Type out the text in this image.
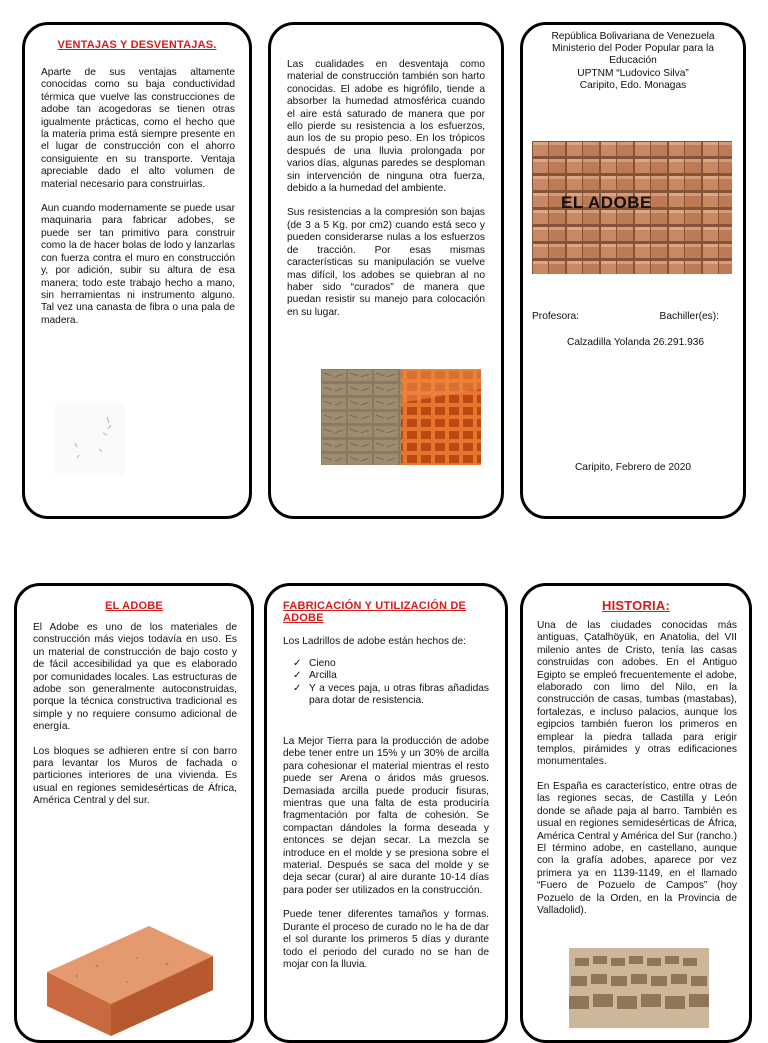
VENTAJAS Y DESVENTAJAS.

Aparte de sus ventajas altamente conocidas como su baja conductividad térmica que vuelve las construcciones de adobe tan acogedoras se tienen otras igualmente prácticas, como el hecho que la materia prima está siempre presente en el lugar de construcción con el ahorro consiguiente en su transporte. Ventaja apreciable dado el alto volumen de material necesario para construirlas.

Aun cuando modernamente se puede usar maquinaria para fabricar adobes, se puede ser tan primitivo para construir como la de hacer bolas de lodo y lanzarlas con fuerza contra el muro en construcción y, por adición, subir su altura de esa manera; todo este trabajo hecho a mano, sin herramientas ni instrumento alguno. Tal vez una canasta de fibra o una pala de madera.

Las cualidades en desventaja como material de construcción también son harto conocidas. El adobe es higrófilo, tiende a absorber la humedad atmosférica cuando el aire está saturado de manera que por ello pierde su resistencia a los esfuerzos, aun los de su propio peso. En los trópicos después de una lluvia prolongada por varios días, algunas paredes se desploman sin intervención de ninguna otra fuerza, debido a la humedad del ambiente.

Sus resistencias a la compresión son bajas (de 3 a 5 Kg. por cm2) cuando está seco y pueden considerarse nulas a los esfuerzos de tracción. Por esas mismas características su manipulación se vuelve mas difícil, los adobes se quiebran al no haber sido “curados” de manera que puedan resistir su manejo para colocación en su lugar.

República Bolivariana de Venezuela
Ministerio del Poder Popular para la
Educación
UPTNM “Ludovico Silva”
Caripito, Edo. Monagas
EL ADOBE
Profesora:	Bachiller(es):
Calzadilla Yolanda 26.291.936
Caripito, Febrero de 2020
EL ADOBE

El Adobe es uno de los materiales de construcción más viejos todavía en uso. Es un material de construcción de bajo costo y de fácil accesibilidad ya que es elaborado por comunidades locales. Las estructuras de adobe son generalmente autoconstruidas, porque la técnica constructiva tradicional es simple y no requiere consumo adicional de energía.

Los bloques se adhieren entre sí con barro para levantar los Muros de fachada o particiones interiores de una vivienda. Es usual en regiones semidesérticas de África, América Central y del sur.

FABRICACIÓN Y UTILIZACIÓN DE ADOBE
Los Ladrillos de adobe están hechos de:
✓ Cieno
✓ Arcilla
✓ Y a veces paja, u otras fibras añadidas para dotar de resistencia.

La Mejor Tierra para la producción de adobe debe tener entre un 15% y un 30% de arcilla para cohesionar el material mientras el resto puede ser Arena o áridos más gruesos. Demasiada arcilla puede producir fisuras, mientras que una falta de esta produciría fragmentación por falta de cohesión. Se compactan dándoles la forma deseada y entonces se dejan secar. La mezcla se introduce en el molde y se presiona sobre el material. Después se saca del molde y se deja secar (curar) al aire durante 10-14 días para poder ser utilizados en la construcción.

Puede tener diferentes tamaños y formas. Durante el proceso de curado no le ha de dar el sol durante los primeros 5 días y durante todo el periodo del curado no se han de mojar con la lluvia.

HISTORIA:

Una de las ciudades conocidas más antiguas, Çatalhöyük, en Anatolia, del VII milenio antes de Cristo, tenía las casas construidas con adobes. En el Antiguo Egipto se empleó frecuentemente el adobe, elaborado con limo del Nilo, en la construcción de casas, tumbas (mastabas), fortalezas, e incluso palacios, aunque los egipcios también fueron los primeros en emplear la piedra tallada para erigir templos, pirámides y otras edificaciones monumentales.

En España es característico, entre otras de las regiones secas, de Castilla y León donde se añade paja al barro. También es usual en regiones semidesérticas de África, América Central y América del Sur (rancho.) El término adobe, en castellano, aunque con la grafía adobes, aparece por vez primera ya en 1139-1149, en el llamado “Fuero de Pozuelo de Campos” (hoy Pozuelo de la Orden, en la Provincia de Valladolid).
